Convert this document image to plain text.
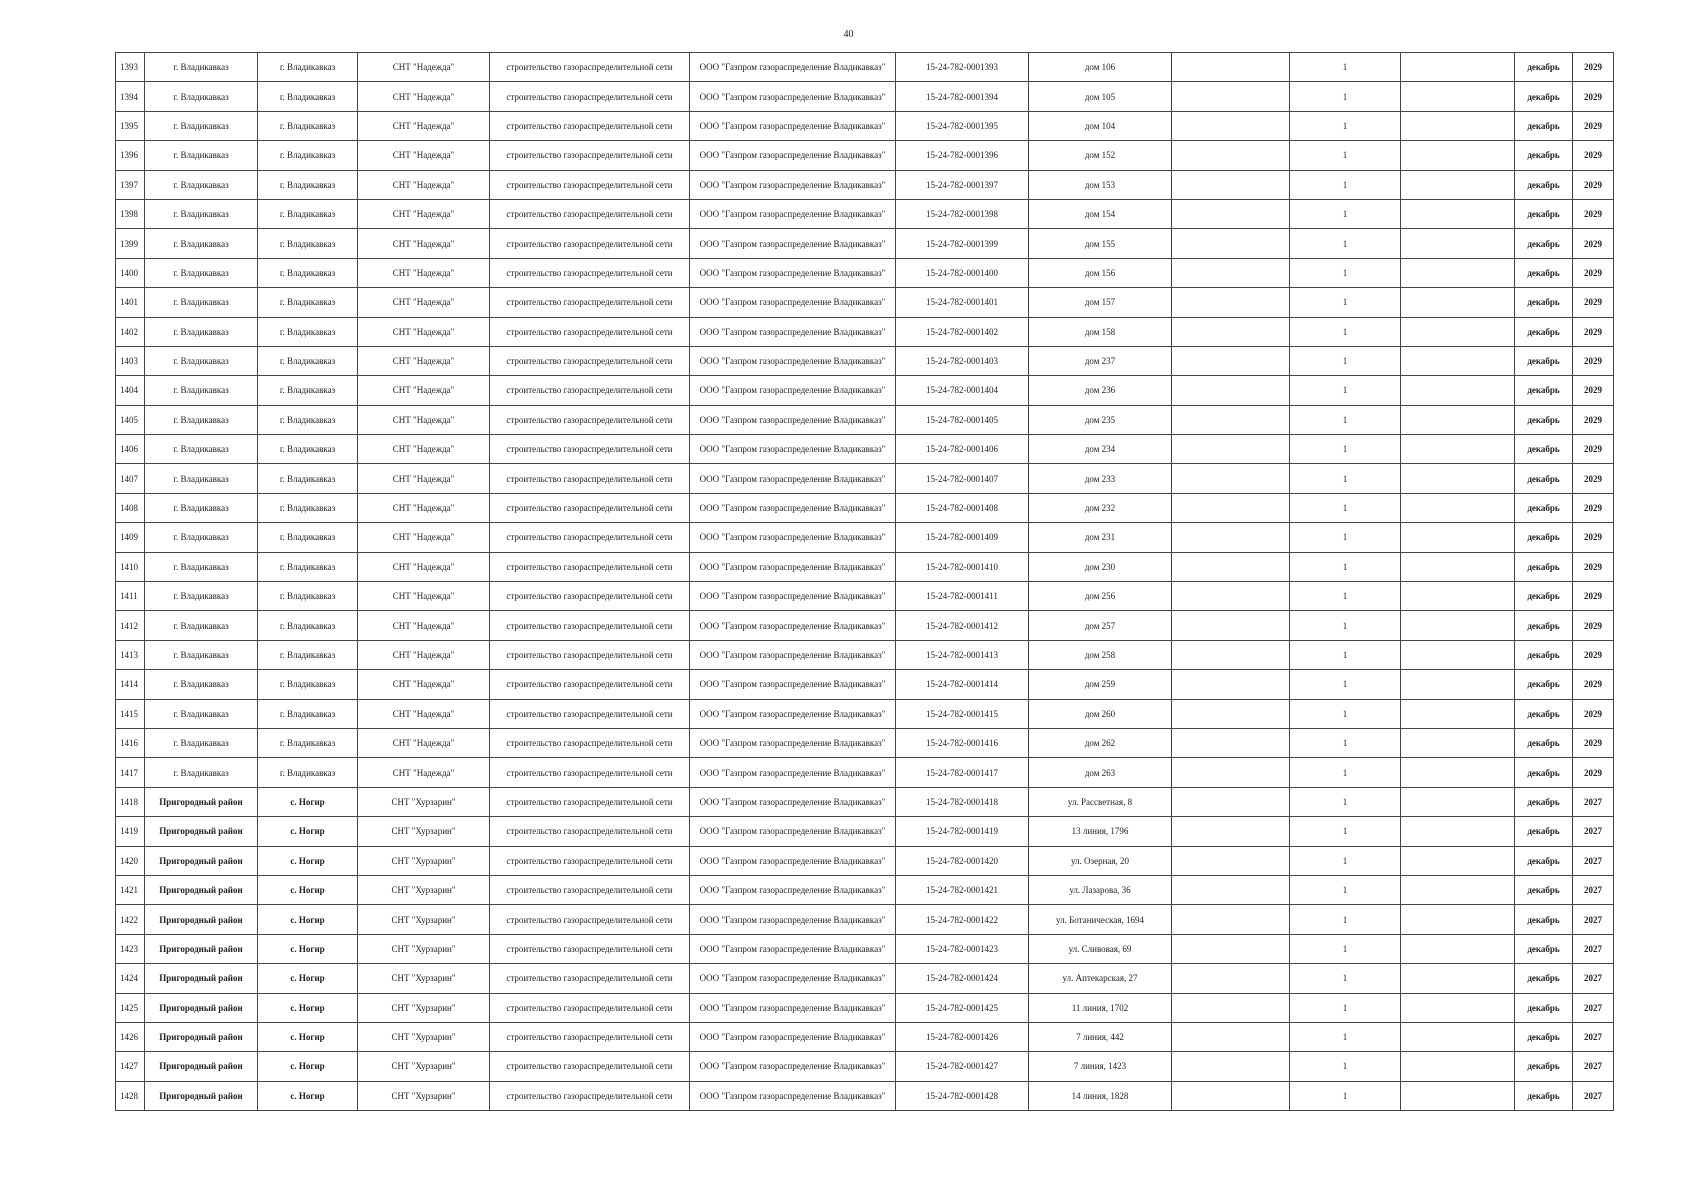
40
1393	г. Владикавказ	г. Владикавказ	СНТ "Надежда"	строительство газораспределительной сети	ООО "Газпром газораспределение Владикавказ"	15-24-782-0001393	дом 106		1		декабрь	2029
1394	г. Владикавказ	г. Владикавказ	СНТ "Надежда"	строительство газораспределительной сети	ООО "Газпром газораспределение Владикавказ"	15-24-782-0001394	дом 105		1		декабрь	2029
1395	г. Владикавказ	г. Владикавказ	СНТ "Надежда"	строительство газораспределительной сети	ООО "Газпром газораспределение Владикавказ"	15-24-782-0001395	дом 104		1		декабрь	2029
1396	г. Владикавказ	г. Владикавказ	СНТ "Надежда"	строительство газораспределительной сети	ООО "Газпром газораспределение Владикавказ"	15-24-782-0001396	дом 152		1		декабрь	2029
1397	г. Владикавказ	г. Владикавказ	СНТ "Надежда"	строительство газораспределительной сети	ООО "Газпром газораспределение Владикавказ"	15-24-782-0001397	дом 153		1		декабрь	2029
1398	г. Владикавказ	г. Владикавказ	СНТ "Надежда"	строительство газораспределительной сети	ООО "Газпром газораспределение Владикавказ"	15-24-782-0001398	дом 154		1		декабрь	2029
1399	г. Владикавказ	г. Владикавказ	СНТ "Надежда"	строительство газораспределительной сети	ООО "Газпром газораспределение Владикавказ"	15-24-782-0001399	дом 155		1		декабрь	2029
1400	г. Владикавказ	г. Владикавказ	СНТ "Надежда"	строительство газораспределительной сети	ООО "Газпром газораспределение Владикавказ"	15-24-782-0001400	дом 156		1		декабрь	2029
1401	г. Владикавказ	г. Владикавказ	СНТ "Надежда"	строительство газораспределительной сети	ООО "Газпром газораспределение Владикавказ"	15-24-782-0001401	дом 157		1		декабрь	2029
1402	г. Владикавказ	г. Владикавказ	СНТ "Надежда"	строительство газораспределительной сети	ООО "Газпром газораспределение Владикавказ"	15-24-782-0001402	дом 158		1		декабрь	2029
1403	г. Владикавказ	г. Владикавказ	СНТ "Надежда"	строительство газораспределительной сети	ООО "Газпром газораспределение Владикавказ"	15-24-782-0001403	дом 237		1		декабрь	2029
1404	г. Владикавказ	г. Владикавказ	СНТ "Надежда"	строительство газораспределительной сети	ООО "Газпром газораспределение Владикавказ"	15-24-782-0001404	дом 236		1		декабрь	2029
1405	г. Владикавказ	г. Владикавказ	СНТ "Надежда"	строительство газораспределительной сети	ООО "Газпром газораспределение Владикавказ"	15-24-782-0001405	дом 235		1		декабрь	2029
1406	г. Владикавказ	г. Владикавказ	СНТ "Надежда"	строительство газораспределительной сети	ООО "Газпром газораспределение Владикавказ"	15-24-782-0001406	дом 234		1		декабрь	2029
1407	г. Владикавказ	г. Владикавказ	СНТ "Надежда"	строительство газораспределительной сети	ООО "Газпром газораспределение Владикавказ"	15-24-782-0001407	дом 233		1		декабрь	2029
1408	г. Владикавказ	г. Владикавказ	СНТ "Надежда"	строительство газораспределительной сети	ООО "Газпром газораспределение Владикавказ"	15-24-782-0001408	дом 232		1		декабрь	2029
1409	г. Владикавказ	г. Владикавказ	СНТ "Надежда"	строительство газораспределительной сети	ООО "Газпром газораспределение Владикавказ"	15-24-782-0001409	дом 231		1		декабрь	2029
1410	г. Владикавказ	г. Владикавказ	СНТ "Надежда"	строительство газораспределительной сети	ООО "Газпром газораспределение Владикавказ"	15-24-782-0001410	дом 230		1		декабрь	2029
1411	г. Владикавказ	г. Владикавказ	СНТ "Надежда"	строительство газораспределительной сети	ООО "Газпром газораспределение Владикавказ"	15-24-782-0001411	дом 256		1		декабрь	2029
1412	г. Владикавказ	г. Владикавказ	СНТ "Надежда"	строительство газораспределительной сети	ООО "Газпром газораспределение Владикавказ"	15-24-782-0001412	дом 257		1		декабрь	2029
1413	г. Владикавказ	г. Владикавказ	СНТ "Надежда"	строительство газораспределительной сети	ООО "Газпром газораспределение Владикавказ"	15-24-782-0001413	дом 258		1		декабрь	2029
1414	г. Владикавказ	г. Владикавказ	СНТ "Надежда"	строительство газораспределительной сети	ООО "Газпром газораспределение Владикавказ"	15-24-782-0001414	дом 259		1		декабрь	2029
1415	г. Владикавказ	г. Владикавказ	СНТ "Надежда"	строительство газораспределительной сети	ООО "Газпром газораспределение Владикавказ"	15-24-782-0001415	дом 260		1		декабрь	2029
1416	г. Владикавказ	г. Владикавказ	СНТ "Надежда"	строительство газораспределительной сети	ООО "Газпром газораспределение Владикавказ"	15-24-782-0001416	дом 262		1		декабрь	2029
1417	г. Владикавказ	г. Владикавказ	СНТ "Надежда"	строительство газораспределительной сети	ООО "Газпром газораспределение Владикавказ"	15-24-782-0001417	дом 263		1		декабрь	2029
1418	Пригородный район	с. Ногир	СНТ "Хурзарин"	строительство газораспределительной сети	ООО "Газпром газораспределение Владикавказ"	15-24-782-0001418	ул. Рассветная, 8		1		декабрь	2027
1419	Пригородный район	с. Ногир	СНТ "Хурзарин"	строительство газораспределительной сети	ООО "Газпром газораспределение Владикавказ"	15-24-782-0001419	13 линия, 1796		1		декабрь	2027
1420	Пригородный район	с. Ногир	СНТ "Хурзарин"	строительство газораспределительной сети	ООО "Газпром газораспределение Владикавказ"	15-24-782-0001420	ул. Озерная, 20		1		декабрь	2027
1421	Пригородный район	с. Ногир	СНТ "Хурзарин"	строительство газораспределительной сети	ООО "Газпром газораспределение Владикавказ"	15-24-782-0001421	ул. Лазарова, 36		1		декабрь	2027
1422	Пригородный район	с. Ногир	СНТ "Хурзарин"	строительство газораспределительной сети	ООО "Газпром газораспределение Владикавказ"	15-24-782-0001422	ул. Ботаническая, 1694		1		декабрь	2027
1423	Пригородный район	с. Ногир	СНТ "Хурзарин"	строительство газораспределительной сети	ООО "Газпром газораспределение Владикавказ"	15-24-782-0001423	ул. Сливовая, 69		1		декабрь	2027
1424	Пригородный район	с. Ногир	СНТ "Хурзарин"	строительство газораспределительной сети	ООО "Газпром газораспределение Владикавказ"	15-24-782-0001424	ул. Аптекарская, 27		1		декабрь	2027
1425	Пригородный район	с. Ногир	СНТ "Хурзарин"	строительство газораспределительной сети	ООО "Газпром газораспределение Владикавказ"	15-24-782-0001425	11 линия, 1702		1		декабрь	2027
1426	Пригородный район	с. Ногир	СНТ "Хурзарин"	строительство газораспределительной сети	ООО "Газпром газораспределение Владикавказ"	15-24-782-0001426	7 линия, 442		1		декабрь	2027
1427	Пригородный район	с. Ногир	СНТ "Хурзарин"	строительство газораспределительной сети	ООО "Газпром газораспределение Владикавказ"	15-24-782-0001427	7 линия, 1423		1		декабрь	2027
1428	Пригородный район	с. Ногир	СНТ "Хурзарин"	строительство газораспределительной сети	ООО "Газпром газораспределение Владикавказ"	15-24-782-0001428	14 линия, 1828		1		декабрь	2027
